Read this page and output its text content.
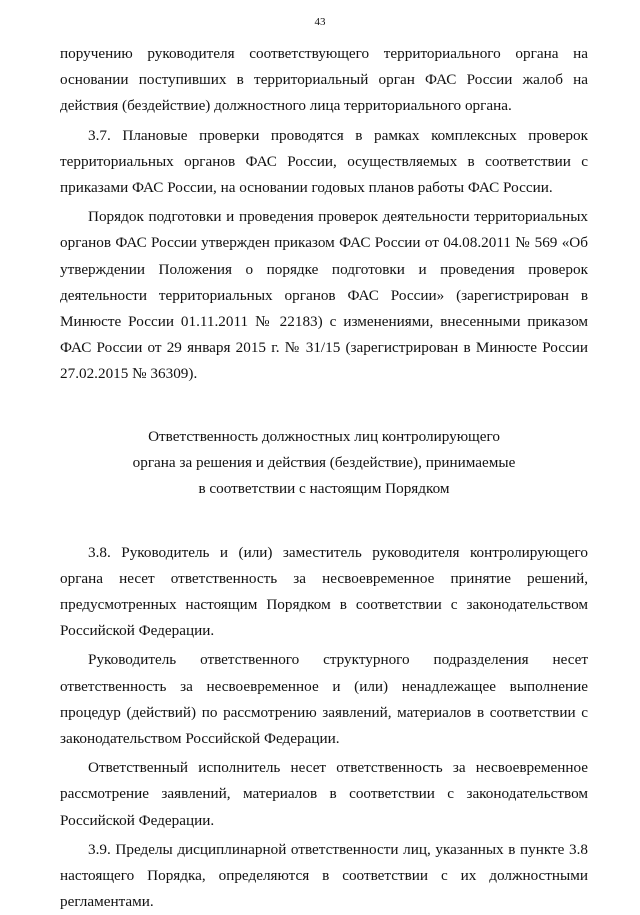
43

поручению руководителя соответствующего территориального органа на основании поступивших в территориальный орган ФАС России жалоб на действия (бездействие) должностного лица территориального органа.

3.7. Плановые проверки проводятся в рамках комплексных проверок территориальных органов ФАС России, осуществляемых в соответствии с приказами ФАС России, на основании годовых планов работы ФАС России.

Порядок подготовки и проведения проверок деятельности территориальных органов ФАС России утвержден приказом ФАС России от 04.08.2011 № 569 «Об утверждении Положения о порядке подготовки и проведения проверок деятельности территориальных органов ФАС России» (зарегистрирован в Минюсте России 01.11.2011 № 22183) с изменениями, внесенными приказом ФАС России от 29 января 2015 г. № 31/15 (зарегистрирован в Минюсте России 27.02.2015 № 36309).

Ответственность должностных лиц контролирующего
органа за решения и действия (бездействие), принимаемые
в соответствии с настоящим Порядком

3.8. Руководитель и (или) заместитель руководителя контролирующего органа несет ответственность за несвоевременное принятие решений, предусмотренных настоящим Порядком в соответствии с законодательством Российской Федерации.

Руководитель ответственного структурного подразделения несет ответственность за несвоевременное и (или) ненадлежащее выполнение процедур (действий) по рассмотрению заявлений, материалов в соответствии с законодательством Российской Федерации.

Ответственный исполнитель несет ответственность за несвоевременное рассмотрение заявлений, материалов в соответствии с законодательством Российской Федерации.

3.9. Пределы дисциплинарной ответственности лиц, указанных в пункте 3.8 настоящего Порядка, определяются в соответствии с их должностными регламентами.
